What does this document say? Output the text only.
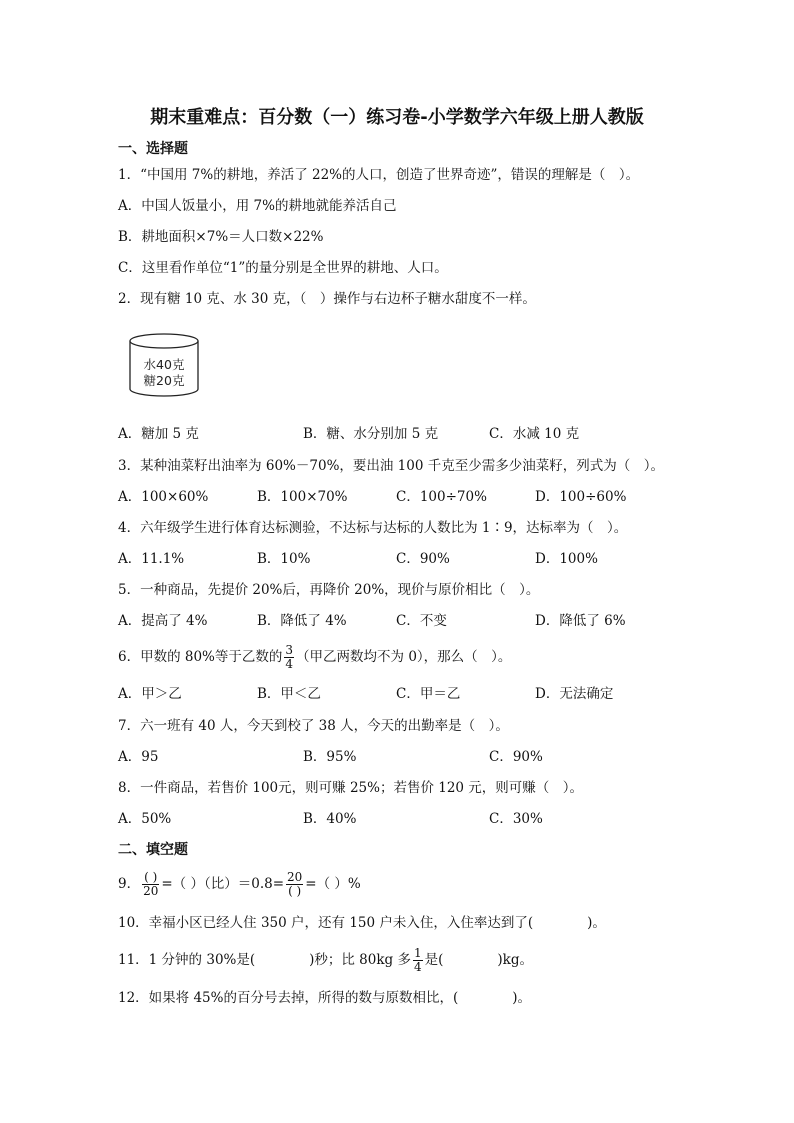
期末重难点：百分数（一）练习卷-小学数学六年级上册人教版
一、选择题
1．“中国用 7%的耕地，养活了 22%的人口，创造了世界奇迹”，错误的理解是（　）。
A．中国人饭量小，用 7%的耕地就能养活自己
B．耕地面积×7%＝人口数×22%
C．这里看作单位“1”的量分别是全世界的耕地、人口。
2．现有糖 10 克、水 30 克，（　）操作与右边杯子糖水甜度不一样。
水40克
糖20克
A．糖加 5 克	B．糖、水分别加 5 克	C．水减 10 克
3．某种油菜籽出油率为 60%－70%，要出油 100 千克至少需多少油菜籽，列式为（　）。
A．100×60%	B．100×70%	C．100÷70%	D．100÷60%
4．六年级学生进行体育达标测验，不达标与达标的人数比为 1∶9，达标率为（　）。
A．11.1%	B．10%	C．90%	D．100%
5．一种商品，先提价 20%后，再降价 20%，现价与原价相比（　）。
A．提高了 4%	B．降低了 4%	C．不变	D．降低了 6%
6．甲数的 80%等于乙数的 $\frac{3}{4}$ （甲乙两数均不为 0），那么（　）。
A．甲＞乙	B．甲＜乙	C．甲＝乙	D．无法确定
7．六一班有 40 人，今天到校了 38 人，今天的出勤率是（　）。
A．95	B．95%	C．90%
8．一件商品，若售价 100元，则可赚 25%；若售价 120 元，则可赚（　）。
A．50%	B．40%	C．30%
二、填空题
9． $\frac{( )}{20}$ =（ ）（比）$=0.8= \frac{20}{( )}$ =（ ）%
10．幸福小区已经人住 350 户，还有 150 户未入住，入住率达到了(　　　　)。
11．1 分钟的 30%是(　　　　)秒；比 80kg 多 $\frac{1}{4}$ 是(　　　　)kg。
12．如果将 45%的百分号去掉，所得的数与原数相比，(　　　　)。
